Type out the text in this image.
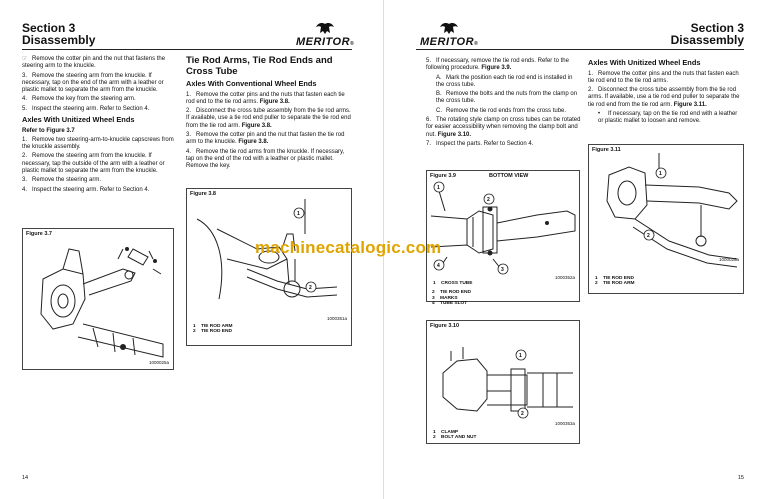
Section 3
Disassembly	MERITOR®

☞ Remove the cotter pin and the nut that fastens the steering arm to the knuckle.

3. Remove the steering arm from the knuckle. If necessary, tap on the end of the arm with a leather or plastic mallet to separate the arm from the knuckle.

4. Remove the key from the steering arm.

5. Inspect the steering arm. Refer to Section 4.

Axles With Unitized Wheel Ends

Refer to Figure 3.7

1. Remove two steering-arm-to-knuckle capscrews from the knuckle assembly.

2. Remove the steering arm from the knuckle. If necessary, tap the outside of the arm with a leather or plastic mallet to separate the arm from the knuckle.

3. Remove the steering arm.

4. Inspect the steering arm. Refer to Section 4.

Tie Rod Arms, Tie Rod Ends and Cross Tube
Axles With Conventional Wheel Ends

1. Remove the cotter pins and the nuts that fasten each tie rod end to the tie rod arms. Figure 3.8.

2. Disconnect the cross tube assembly from the tie rod arms. If available, use a tie rod end puller to separate the tie rod end from the tie rod arm. Figure 3.8.

3. Remove the cotter pin and the nut that fasten the tie rod arm to the knuckle. Figure 3.8.

4. Remove the tie rod arms from the knuckle. If necessary, tap on the end of the rod with a leather or plastic mallet. Remove the key.

Figure 3.7
1000025a
Figure 3.8
1
2
1 TIE ROD ARM
2 TIE ROD END
1000351a
14
MERITOR®
Section 3
Disassembly

5. If necessary, remove the tie rod ends. Refer to the following procedure. Figure 3.9.

A. Mark the position each tie rod end is installed in the cross tube.

B. Remove the bolts and the nuts from the clamp on the cross tube.

C. Remove the tie rod ends from the cross tube.

6. The rotating style clamp on cross tubes can be rotated for easier accessibility when removing the clamp bolt and nut. Figure 3.10.

7. Inspect the parts. Refer to Section 4.

Axles With Unitized Wheel Ends

1. Remove the cotter pins and the nuts that fasten each tie rod end to the tie rod arms.

2. Disconnect the cross tube assembly from the tie rod arms. If available, use a tie rod end puller to separate the tie rod end from the tie rod arm. Figure 3.11.

• If necessary, tap on the tie rod end with a leather or plastic mallet to loosen and remove.

Figure 3.9	BOTTOM VIEW
1
2
4
3
1000352a
1 CROSS TUBE
2 TIE ROD END
3 MARKS
4 TUBE SLOT
Figure 3.10
1
2
1000353a
1 CLAMP
2 BOLT AND NUT
Figure 3.11
1
2
1000026a
1 TIE ROD END
2 TIE ROD ARM
15
machinecatalogic.com
